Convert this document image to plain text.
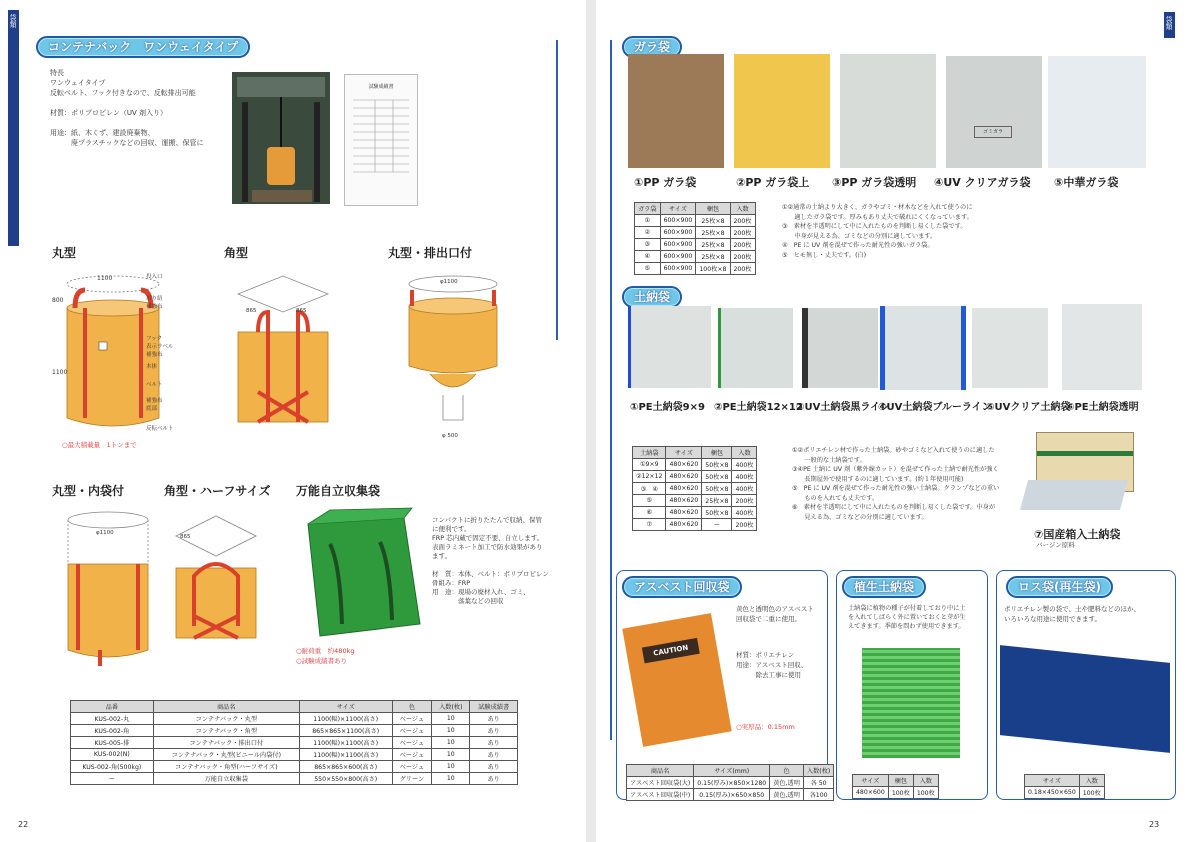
袋類
コンテナバック　ワンウェイタイプ
特長
ワンウェイタイプ
反転ベルト、フック付きなので、反転排出可能

材質：ポリプロピレン（UV 剤入り）

用途：紙、木くず、建設廃棄物、
　　　廃プラスチックなどの回収、運搬、保管に
試験成績書
丸型	角型	丸型・排出口付
1100
800
1100
投入口
吊り紐
補強布
フック
表示ラベル
補強布
本体
ベルト
補強布
底部
反転ベルト
○最大積載量　1トンまで
865	865
φ1100
φ 500
丸型・内袋付	角型・ハーフサイズ 万能自立収集袋
φ1100
865
コンパクトに折りたたんで収納、保管
に便利です。
FRP 芯内蔵で固定不要、自立します。
表面ラミネート加工で防水効果があり
ます。

材　質：本体、ベルト：ポリプロピレン
骨組み：FRP
用　途：現場の廃材入れ、ゴミ、
　　　　落葉などの回収
○耐荷重　約480kg
○試験成績書あり
品番	商品名	サイズ	色	入数(枚)	試験成績書
KUS-002-丸	コンテナバック・丸型	1100(幅)×1100(高さ)	ベージュ	10	あり
KUS-002-角	コンテナバック・角型	865×865×1100(高さ)	ベージュ	10	あり
KUS-005-排	コンテナバック・排出口付	1100(幅)×1100(高さ)	ベージュ	10	あり
KUS-002(N)	コンテナバック・丸型(ビニール内袋付)	1100(幅)×1100(高さ)	ベージュ	10	あり
KUS-002-角(500kg)	コンテナバック・角型(ハーフサイズ)	865×865×600(高さ)	ベージュ	10	あり
ー	万能自立収集袋	550×550×800(高さ)	グリーン	10	あり
22
袋類
ガラ袋
ゴミガラ
①PP ガラ袋	②PP ガラ袋上 ③PP ガラ袋透明 ④UV クリアガラ袋 ⑤中華ガラ袋
ガラ袋	サイズ	梱包	入数
①	600×900	25枚×8	200枚
②	600×900	25枚×8	200枚
③	600×900	25枚×8	200枚
④	600×900	25枚×8	200枚
⑤	600×900	100枚×8	200枚
①②通常の土納より大きく、ガラやゴミ・材木などを入れて使うのに
　　適したガラ袋です。厚みもあり丈夫で破れにくくなっています。
③　素材を半透明にして中に入れたものを判断し易くした袋です。
　　中身が見える為、ゴミなどの分別に適しています。
④　PE に UV 剤を混ぜて作った耐光性の強いガラ袋。
⑤　ヒモ無し・丈夫です。(白)
土納袋
①PE土納袋9×9 ②PE土納袋12×12
③UV土納袋黒ライン
④UV土納袋ブルーライン
⑤UVクリア土納袋
⑥PE土納袋透明
土納袋	サイズ	梱包	入数
①9×9	480×620	50枚×8	400枚
②12×12	480×620	50枚×8	400枚
③　④	480×620	50枚×8	400枚
⑤	480×620	25枚×8	200枚
⑥	480×620	50枚×8	400枚
⑦	480×620	ー	200枚
①②ポリエチレン材で作った土納袋。砂やゴミなど入れて使うのに適した
　　一般的な土納袋です。
③④PE 土納に UV 剤（紫外線カット）を混ぜて作った土納で耐光性が強く
　　長期屋外で使用するのに適しています。(約１年使用可能)
⑤　PE に UV 剤を混ぜて作った耐光性の強い土納袋。クランプなどの重い
　　ものを入れても丈夫です。
⑥　素材を半透明にして中に入れたものを判断し易くした袋です。中身が
　　見える為、ゴミなどの分別に適しています。
⑦国産箱入土納袋
バージン原料
アスベスト回収袋
黄色と透明色のアスベスト
回収袋で二重に使用。
材質：ポリエチレン
用途：アスベスト回収、
　　　除去工事に使用
CAUTION
○実厚品：0.15mm
商品名	サイズ(mm)	色	入数(枚)
アスベスト回収袋(大)	0.15(厚み)×850×1280	黄色,透明	各 50
アスベスト回収袋(中)	0.15(厚み)×650×850	黄色,透明	各100
植生土納袋
土納袋に植物の種子が付着しており中に土
を入れてしばらく外に置いておくと芽が生
えてきます。季節を問わず使用できます。
サイズ	梱包	入数
480×600	100枚	100枚
ロス袋(再生袋)
ポリエチレン製の袋で、土や肥料などのほか、
いろいろな用途に使用できます。
サイズ	入数
0.18×450×650	100枚
23
